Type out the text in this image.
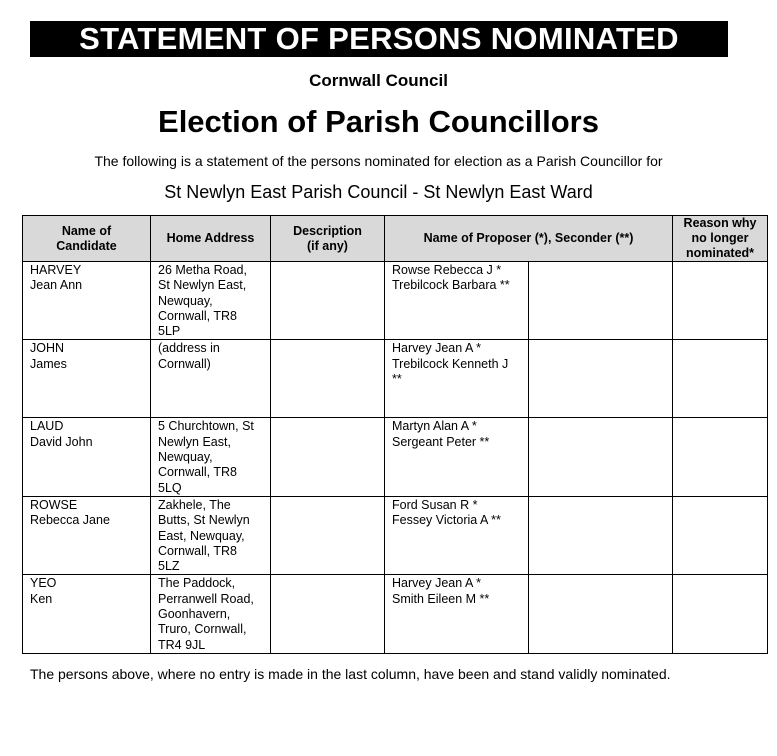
STATEMENT OF PERSONS NOMINATED
Cornwall Council
Election of Parish Councillors
The following is a statement of the persons nominated for election as a Parish Councillor for
St Newlyn East Parish Council - St Newlyn East Ward
Name of Candidate	Home Address	Description (if any)	Name of Proposer (*), Seconder (**)		Reason why no longer nominated*

HARVEY
Jean Ann	26 Metha Road,
St Newlyn East,
Newquay,
Cornwall, TR8
5LP		Rowse Rebecca J *
Trebilcock Barbara **		

JOHN
James	(address in
Cornwall)		Harvey Jean A *
Trebilcock Kenneth J
**		

LAUD
David John	5 Churchtown, St
Newlyn East,
Newquay,
Cornwall, TR8
5LQ		Martyn Alan A *
Sergeant Peter **		

ROWSE
Rebecca Jane	Zakhele, The
Butts, St Newlyn
East, Newquay,
Cornwall, TR8
5LZ		Ford Susan R *
Fessey Victoria A **		

YEO
Ken	The Paddock,
Perranwell Road,
Goonhavern,
Truro, Cornwall,
TR4 9JL		Harvey Jean A *
Smith Eileen M **		

The persons above, where no entry is made in the last column, have been and stand validly nominated.
